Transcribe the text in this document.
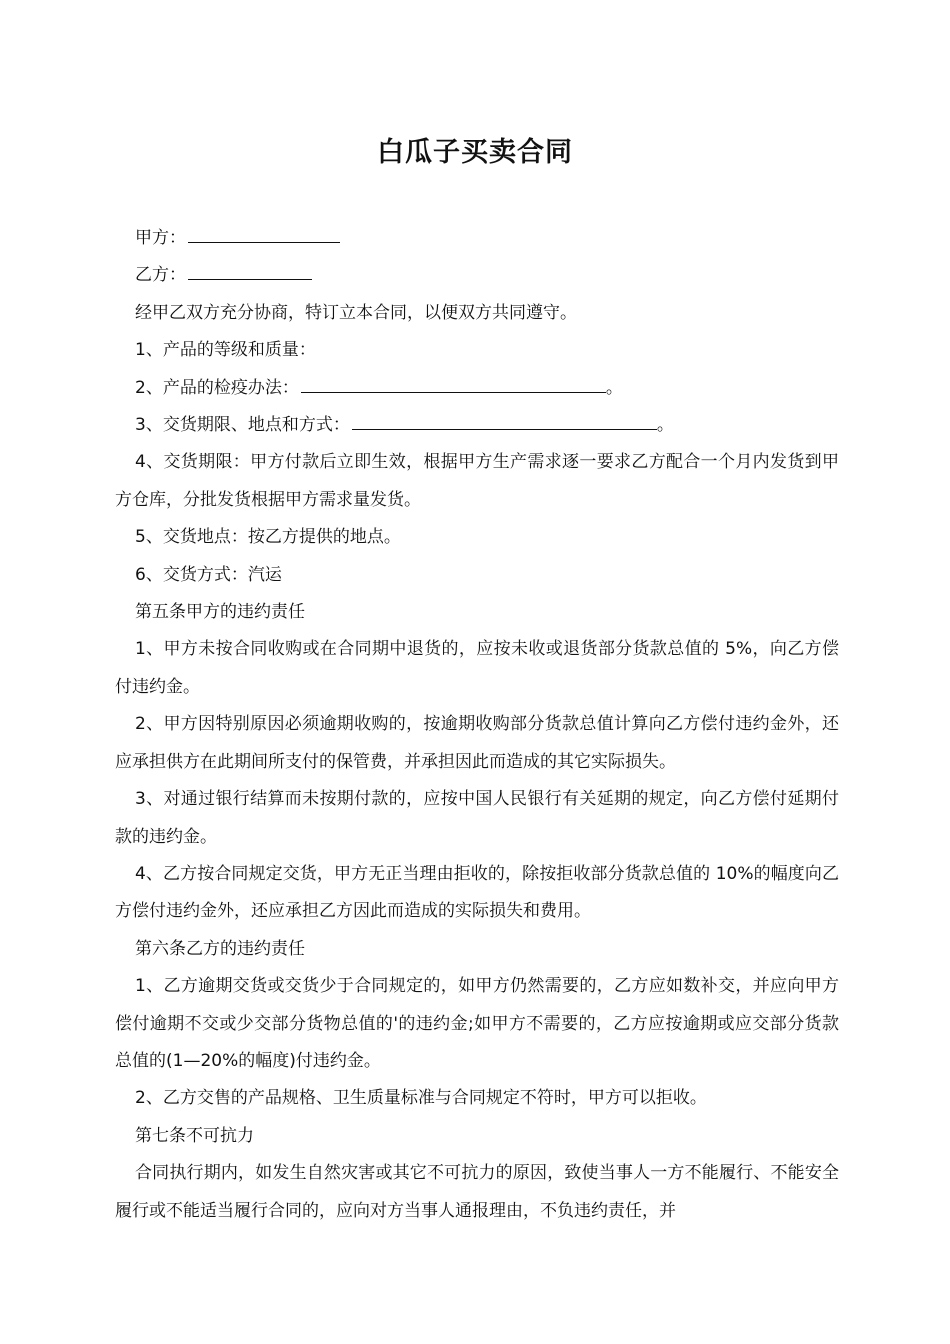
白瓜子买卖合同

甲方：

乙方：

经甲乙双方充分协商，特订立本合同，以便双方共同遵守。

1、产品的等级和质量：

2、产品的检疫办法：	。

3、交货期限、地点和方式：	。

4、交货期限：甲方付款后立即生效，根据甲方生产需求逐一要求乙方配合一个月内发货到甲方仓库，分批发货根据甲方需求量发货。

5、交货地点：按乙方提供的地点。

6、交货方式：汽运

第五条甲方的违约责任

1、甲方未按合同收购或在合同期中退货的，应按未收或退货部分货款总值的 5%，向乙方偿付违约金。

2、甲方因特别原因必须逾期收购的，按逾期收购部分货款总值计算向乙方偿付违约金外，还应承担供方在此期间所支付的保管费，并承担因此而造成的其它实际损失。

3、对通过银行结算而未按期付款的，应按中国人民银行有关延期的规定，向乙方偿付延期付款的违约金。

4、乙方按合同规定交货，甲方无正当理由拒收的，除按拒收部分货款总值的 10%的幅度向乙方偿付违约金外，还应承担乙方因此而造成的实际损失和费用。

第六条乙方的违约责任

1、乙方逾期交货或交货少于合同规定的，如甲方仍然需要的，乙方应如数补交，并应向甲方偿付逾期不交或少交部分货物总值的'的违约金;如甲方不需要的，乙方应按逾期或应交部分货款总值的(1—20%的幅度)付违约金。

2、乙方交售的产品规格、卫生质量标准与合同规定不符时，甲方可以拒收。

第七条不可抗力

合同执行期内，如发生自然灾害或其它不可抗力的原因，致使当事人一方不能履行、不能安全履行或不能适当履行合同的，应向对方当事人通报理由，不负违约责任，并
